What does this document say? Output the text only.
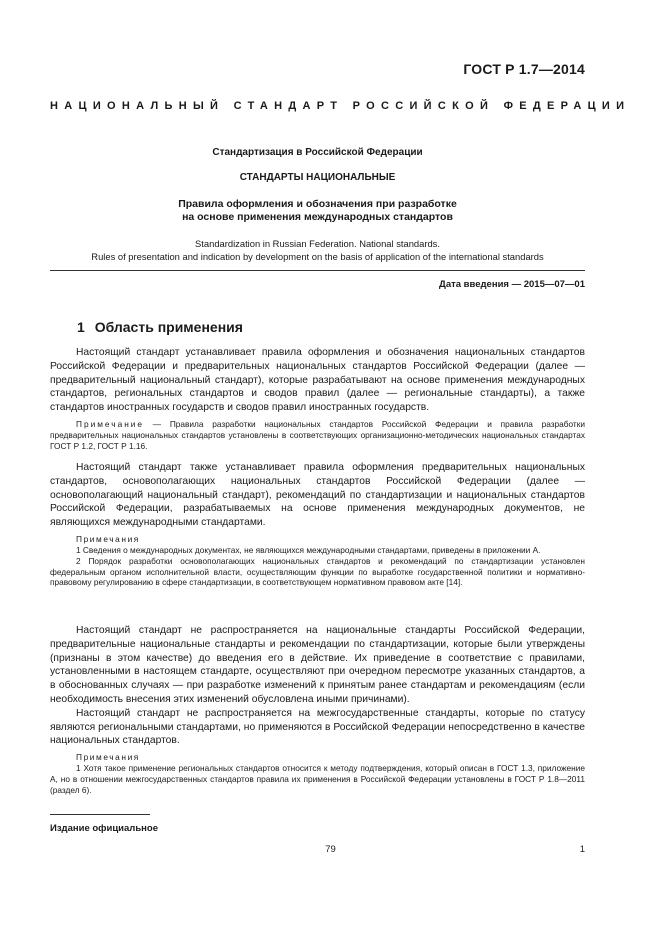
ГОСТ Р 1.7—2014
НАЦИОНАЛЬНЫЙ СТАНДАРТ РОССИЙСКОЙ ФЕДЕРАЦИИ
Стандартизация в Российской Федерации
СТАНДАРТЫ НАЦИОНАЛЬНЫЕ
Правила оформления и обозначения при разработке
на основе применения международных стандартов
Standardization in Russian Federation. National standards.
Rules of presentation and indication by development on the basis of application of the international standards
Дата введения — 2015—07—01
1 Область применения

Настоящий стандарт устанавливает правила оформления и обозначения национальных стандартов Российской Федерации и предварительных национальных стандартов Российской Федерации (далее — предварительный национальный стандарт), которые разрабатывают на основе применения международных стандартов, региональных стандартов и сводов правил (далее — региональные стандарты), а также стандартов иностранных государств и сводов правил иностранных государств.

Примечание — Правила разработки национальных стандартов Российской Федерации и правила разработки предварительных национальных стандартов установлены в соответствующих организационно-методических национальных стандартах ГОСТ Р 1.2, ГОСТ Р 1.16.

Настоящий стандарт также устанавливает правила оформления предварительных национальных стандартов, основополагающих национальных стандартов Российской Федерации (далее — основополагающий национальный стандарт), рекомендаций по стандартизации и национальных стандартов Российской Федерации, разрабатываемых на основе применения международных документов, не являющихся международными стандартами.

Примечания

1 Сведения о международных документах, не являющихся международными стандартами, приведены в приложении А.

2 Порядок разработки основополагающих национальных стандартов и рекомендаций по стандартизации установлен федеральным органом исполнительной власти, осуществляющим функции по выработке государственной политики и нормативно-правовому регулированию в сфере стандартизации, в соответствующем нормативном правовом акте [14].

Настоящий стандарт не распространяется на национальные стандарты Российской Федерации, предварительные национальные стандарты и рекомендации по стандартизации, которые были утверждены (признаны в этом качестве) до введения его в действие. Их приведение в соответствие с правилами, установленными в настоящем стандарте, осуществляют при очередном пересмотре указанных стандартов, а в обоснованных случаях — при разработке изменений к принятым ранее стандартам и рекомендациям (если необходимость внесения этих изменений обусловлена иными причинами).

Настоящий стандарт не распространяется на межгосударственные стандарты, которые по статусу являются региональными стандартами, но применяются в Российской Федерации непосредственно в качестве национальных стандартов.

Примечания

1 Хотя такое применение региональных стандартов относится к методу подтверждения, который описан в ГОСТ 1.3, приложение А, но в отношении межгосударственных стандартов правила их применения в Российской Федерации установлены в ГОСТ Р 1.8—2011 (раздел 6).

Издание официальное
79	1
